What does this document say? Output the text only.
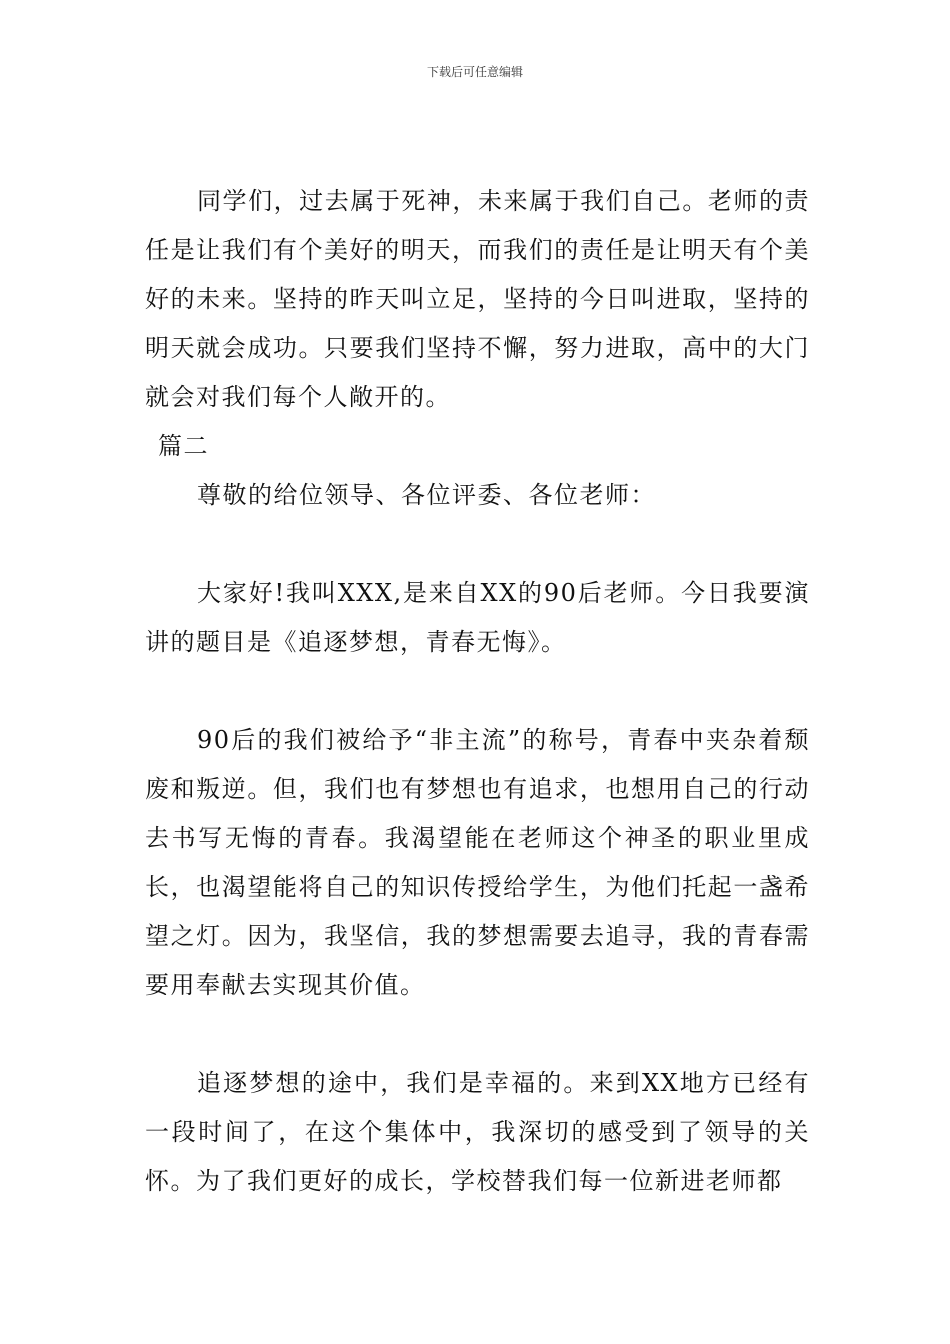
下载后可任意编辑

同学们，过去属于死神，未来属于我们自己。老师的责任是让我们有个美好的明天，而我们的责任是让明天有个美好的未来。坚持的昨天叫立足，坚持的今日叫进取，坚持的明天就会成功。只要我们坚持不懈，努力进取，高中的大门就会对我们每个人敞开的。

篇二

尊敬的给位领导、各位评委、各位老师：

大家好!我叫XXX,是来自XX的90后老师。今日我要演讲的题目是《追逐梦想，青春无悔》。

90后的我们被给予“非主流”的称号，青春中夹杂着颓废和叛逆。但，我们也有梦想也有追求，也想用自己的行动去书写无悔的青春。我渴望能在老师这个神圣的职业里成长，也渴望能将自己的知识传授给学生，为他们托起一盏希望之灯。因为，我坚信，我的梦想需要去追寻，我的青春需要用奉献去实现其价值。

追逐梦想的途中，我们是幸福的。来到XX地方已经有一段时间了，在这个集体中，我深切的感受到了领导的关怀。为了我们更好的成长，学校替我们每一位新进老师都
